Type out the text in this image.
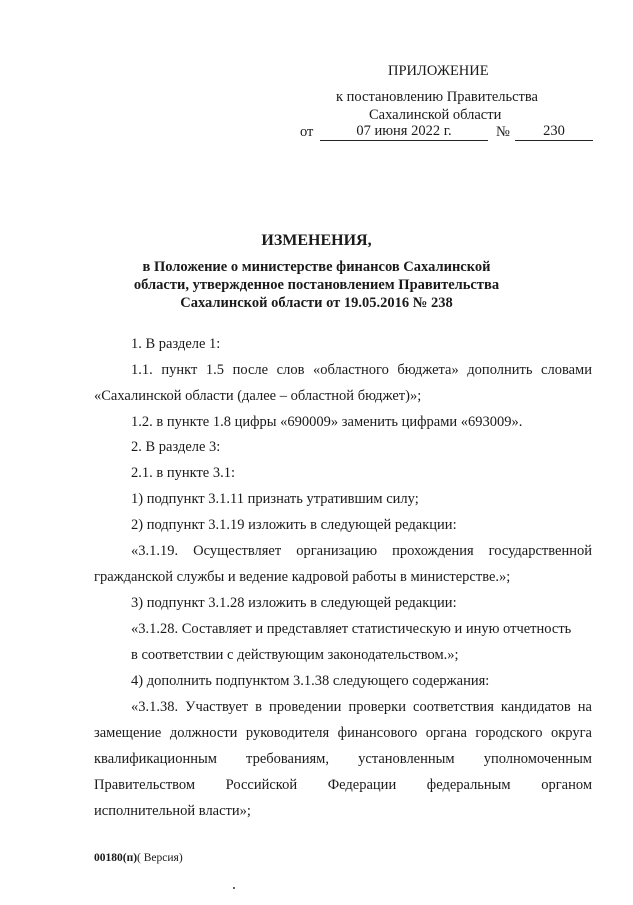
ПРИЛОЖЕНИЕ
к постановлению Правительства
Сахалинской области
от	07 июня 2022 г.	№	230
ИЗМЕНЕНИЯ,
в Положение о министерстве финансов Сахалинской
области, утвержденное постановлением Правительства
Сахалинской области от 19.05.2016 № 238
1. В разделе 1:
1.1. пункт 1.5 после слов «областного бюджета» дополнить словами
«Сахалинской области (далее – областной бюджет)»;
1.2. в пункте 1.8 цифры «690009» заменить цифрами «693009».
2. В разделе 3:
2.1. в пункте 3.1:
1) подпункт 3.1.11 признать утратившим силу;
2) подпункт 3.1.19 изложить в следующей редакции:
«3.1.19. Осуществляет организацию прохождения государственной
гражданской службы и ведение кадровой работы в министерстве.»;
3) подпункт 3.1.28 изложить в следующей редакции:
«3.1.28. Составляет и представляет статистическую и иную отчетность
в соответствии с действующим законодательством.»;
4) дополнить подпунктом 3.1.38 следующего содержания:
«3.1.38. Участвует в проведении проверки соответствия кандидатов на
замещение должности руководителя финансового органа городского округа
квалификационным требованиям, установленным уполномоченным
Правительством Российской Федерации федеральным органом
исполнительной власти»;
00180(п)( Версия)
